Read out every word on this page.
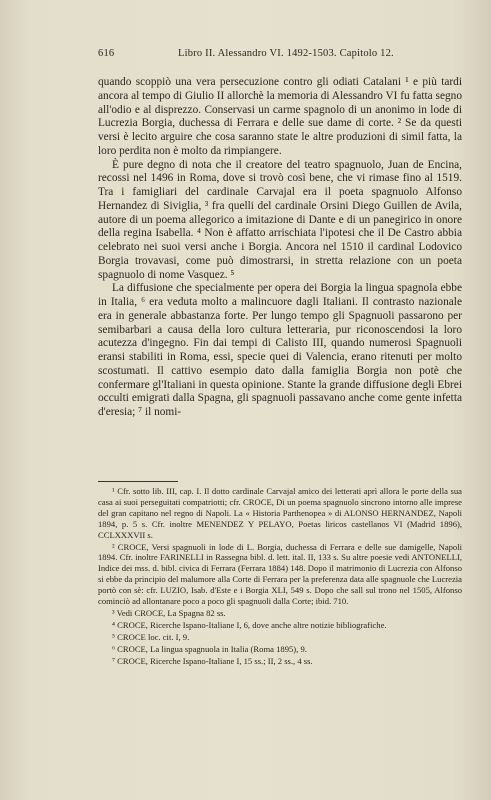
616	Libro II. Alessandro VI. 1492-1503. Capitolo 12.

quando scoppiò una vera persecuzione contro gli odiati Catalani ¹ e più tardi ancora al tempo di Giulio II allorchè la memoria di Alessandro VI fu fatta segno all'odio e al disprezzo. Conservasi un carme spagnolo di un anonimo in lode di Lucrezia Borgia, duchessa di Ferrara e delle sue dame di corte. ² Se da questi versi è lecito arguire che cosa saranno state le altre produzioni di simil fatta, la loro perdita non è molto da rimpiangere.

È pure degno di nota che il creatore del teatro spagnuolo, Juan de Encina, recossi nel 1496 in Roma, dove si trovò così bene, che vi rimase fino al 1519. Tra i famigliari del cardinale Carvajal era il poeta spagnuolo Alfonso Hernandez di Siviglia, ³ fra quelli del cardinale Orsini Diego Guillen de Avila, autore di un poema allegorico a imitazione di Dante e di un panegirico in onore della regina Isabella. ⁴ Non è affatto arrischiata l'ipotesi che il De Castro abbia celebrato nei suoi versi anche i Borgia. Ancora nel 1510 il cardinal Lodovico Borgia trovavasi, come può dimostrarsi, in stretta relazione con un poeta spagnuolo di nome Vasquez. ⁵

La diffusione che specialmente per opera dei Borgia la lingua spagnola ebbe in Italia, ⁶ era veduta molto a malincuore dagli Italiani. Il contrasto nazionale era in generale abbastanza forte. Per lungo tempo gli Spagnuoli passarono per semibarbari a causa della loro cultura letteraria, pur riconoscendosi la loro acutezza d'ingegno. Fin dai tempi di Calisto III, quando numerosi Spagnuoli eransi stabiliti in Roma, essi, specie quei di Valencia, erano ritenuti per molto scostumati. Il cattivo esempio dato dalla famiglia Borgia non potè che confermare gl'Italiani in questa opinione. Stante la grande diffusione degli Ebrei occulti emigrati dalla Spagna, gli spagnuoli passavano anche come gente infetta d'eresia; ⁷ il nomi-

¹ Cfr. sotto lib. III, cap. I. Il dotto cardinale Carvajal amico dei letterati aprì allora le porte della sua casa ai suoi perseguitati compatriotti; cfr. CROCE, Di un poema spagnuolo sincrono intorno alle imprese del gran capitano nel regno di Napoli. La « Historia Parthenopea » di ALONSO HERNANDEZ, Napoli 1894, p. 5 s. Cfr. inoltre MENENDEZ Y PELAYO, Poetas liricos castellanos VI (Madrid 1896), CCLXXXVII s.

² CROCE, Versi spagnuoli in lode di L. Borgia, duchessa di Ferrara e delle sue damigelle, Napoli 1894. Cfr. inoltre FARINELLI in Rassegna bibl. d. lett. ital. II, 133 s. Su altre poesie vedi ANTONELLI, Indice dei mss. d. bibl. civica di Ferrara (Ferrara 1884) 148. Dopo il matrimonio di Lucrezia con Alfonso si ebbe da principio del malumore alla Corte di Ferrara per la preferenza data alle spagnuole che Lucrezia portò con sè: cfr. LUZIO, Isab. d'Este e i Borgia XLI, 549 s. Dopo che sall sul trono nel 1505, Alfonso cominciò ad allontanare poco a poco gli spagnuoli dalla Corte; ibid. 710.

³ Vedi CROCE, La Spagna 82 ss.

⁴ CROCE, Ricerche Ispano-Italiane I, 6, dove anche altre notizie bibliografiche.

⁵ CROCE loc. cit. I, 9.

⁶ CROCE, La lingua spagnuola in Italia (Roma 1895), 9.

⁷ CROCE, Ricerche Ispano-Italiane I, 15 ss.; II, 2 ss., 4 ss.
